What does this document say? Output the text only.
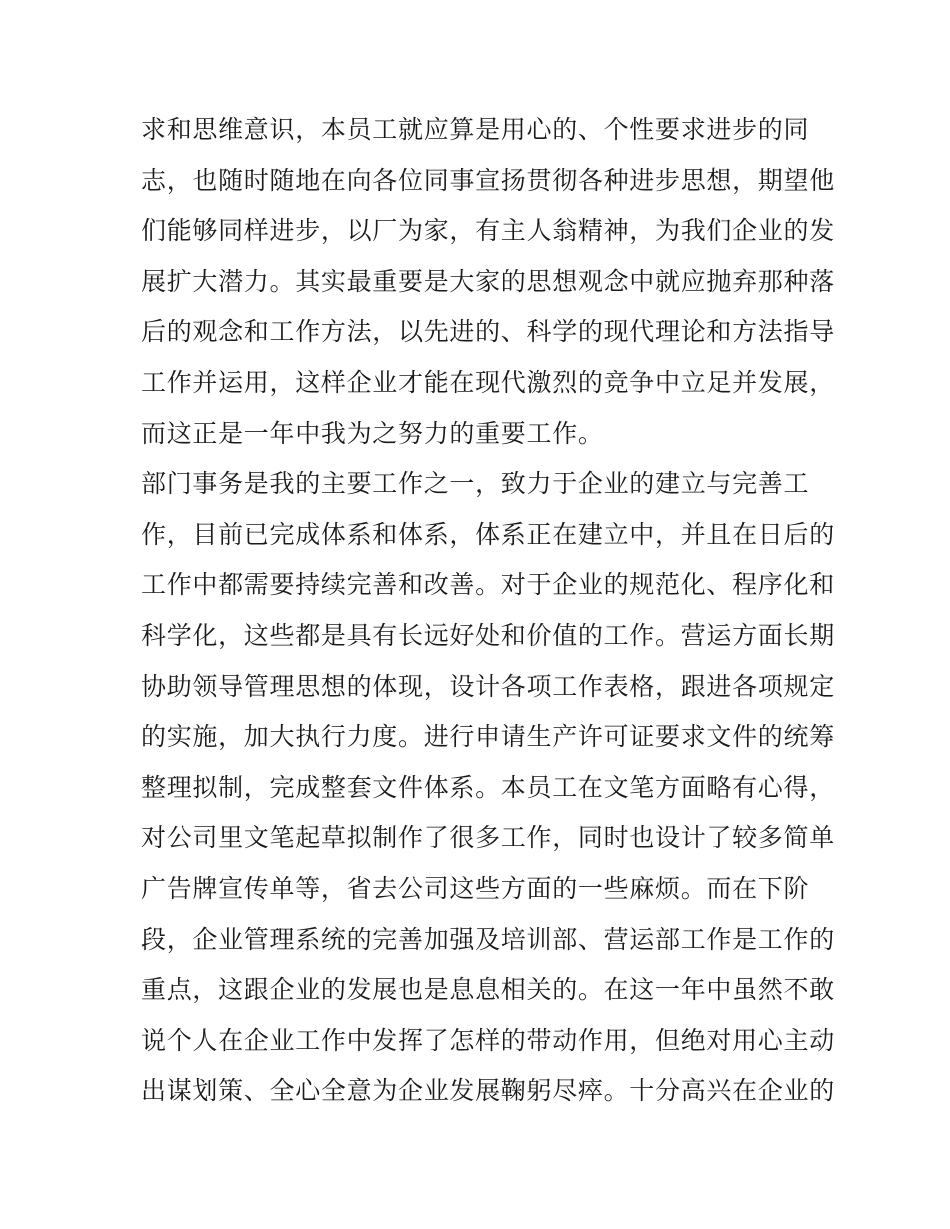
求和思维意识，本员工就应算是用心的、个性要求进步的同
志，也随时随地在向各位同事宣扬贯彻各种进步思想，期望他
们能够同样进步，以厂为家，有主人翁精神，为我们企业的发
展扩大潜力。其实最重要是大家的思想观念中就应抛弃那种落
后的观念和工作方法，以先进的、科学的现代理论和方法指导
工作并运用，这样企业才能在现代激烈的竞争中立足并发展，
而这正是一年中我为之努力的重要工作。
部门事务是我的主要工作之一，致力于企业的建立与完善工
作，目前已完成体系和体系，体系正在建立中，并且在日后的
工作中都需要持续完善和改善。对于企业的规范化、程序化和
科学化，这些都是具有长远好处和价值的工作。营运方面长期
协助领导管理思想的体现，设计各项工作表格，跟进各项规定
的实施，加大执行力度。进行申请生产许可证要求文件的统筹
整理拟制，完成整套文件体系。本员工在文笔方面略有心得，
对公司里文笔起草拟制作了很多工作，同时也设计了较多简单
广告牌宣传单等，省去公司这些方面的一些麻烦。而在下阶
段，企业管理系统的完善加强及培训部、营运部工作是工作的
重点，这跟企业的发展也是息息相关的。在这一年中虽然不敢
说个人在企业工作中发挥了怎样的带动作用，但绝对用心主动
出谋划策、全心全意为企业发展鞠躬尽瘁。十分高兴在企业的
